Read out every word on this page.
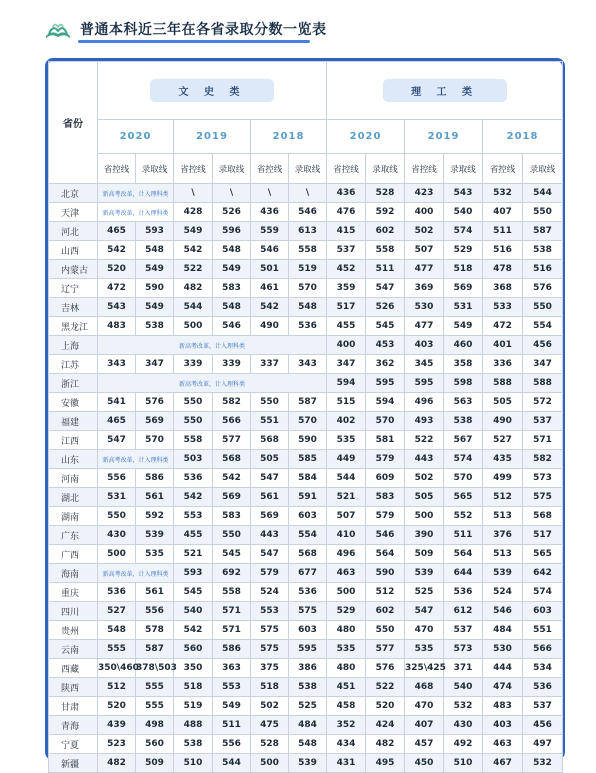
普通本科近三年在各省录取分数一览表
省份	文 史 类						理 工 类					
	2020		2019		2018		2020		2019		2018	
	省控线	录取线	省控线	录取线	省控线	录取线	省控线	录取线	省控线	录取线	省控线	录取线
北京	新高考改革，计入理科类		\	\	\	\	436	528	423	543	532	544
天津	新高考改革，计入理科类		428	526	436	546	476	592	400	540	407	550
河北	465	593	549	596	559	613	415	602	502	574	511	587
山西	542	548	542	548	546	558	537	558	507	529	516	538
内蒙古	520	549	522	549	501	519	452	511	477	518	478	516
辽宁	472	590	482	583	461	570	359	547	369	569	368	576
吉林	543	549	544	548	542	548	517	526	530	531	533	550
黑龙江	483	538	500	546	490	536	455	545	477	549	472	554
上海	新高考改革，计入理科类						400	453	403	460	401	456
江苏	343	347	339	339	337	343	347	362	345	358	336	347
浙江	新高考改革，计入理科类						594	595	595	598	588	588
安徽	541	576	550	582	550	587	515	594	496	563	505	572
福建	465	569	550	566	551	570	402	570	493	538	490	537
江西	547	570	558	577	568	590	535	581	522	567	527	571
山东	新高考改革，计入理科类		503	568	505	585	449	579	443	574	435	582
河南	556	586	536	542	547	584	544	609	502	570	499	573
湖北	531	561	542	569	561	591	521	583	505	565	512	575
湖南	550	592	553	583	569	603	507	579	500	552	513	568
广东	430	539	455	550	443	554	410	546	390	511	376	517
广西	500	535	521	545	547	568	496	564	509	564	513	565
海南	新高考改革，计入理科类		593	692	579	677	463	590	539	644	539	642
重庆	536	561	545	558	524	536	500	512	525	536	524	574
四川	527	556	540	571	553	575	529	602	547	612	546	603
贵州	548	578	542	571	575	603	480	550	470	537	484	551
云南	555	587	560	586	575	595	535	577	535	573	530	566
西藏	350\460	378\503	350	363	375	386	480	576	325\425	371	444	534
陕西	512	555	518	553	518	538	451	522	468	540	474	536
甘肃	520	555	519	549	502	525	458	520	470	532	483	537
青海	439	498	488	511	475	484	352	424	407	430	403	456
宁夏	523	560	538	556	528	548	434	482	457	492	463	497
新疆	482	509	510	544	500	539	431	495	450	510	467	532
